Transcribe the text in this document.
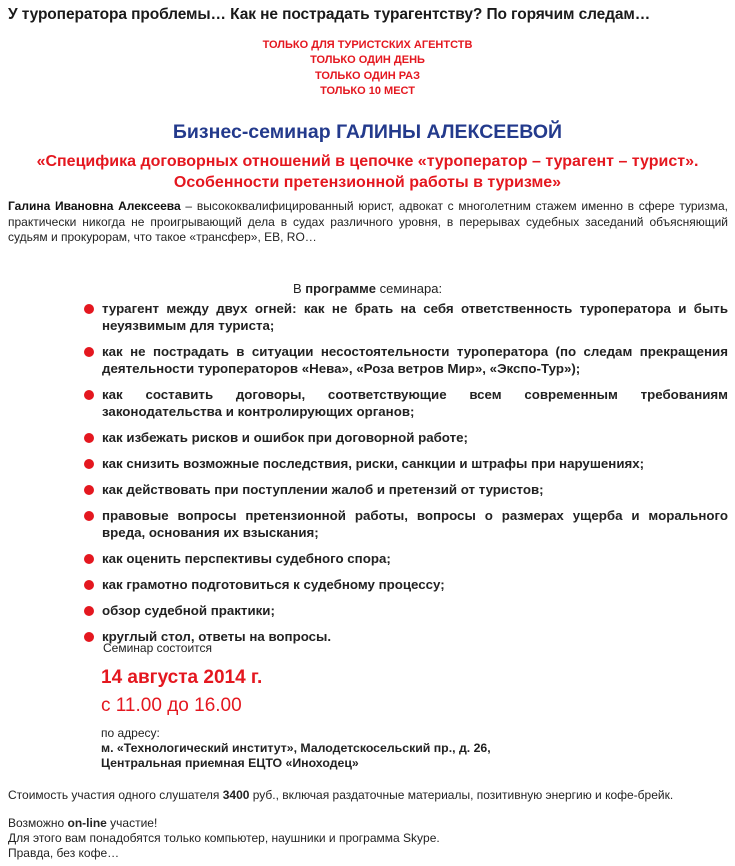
У туроператора проблемы… Как не пострадать турагентству? По горячим следам…
ТОЛЬКО ДЛЯ ТУРИСТСКИХ АГЕНТСТВ
ТОЛЬКО ОДИН ДЕНЬ
ТОЛЬКО ОДИН РАЗ
ТОЛЬКО 10 МЕСТ
Бизнес-семинар ГАЛИНЫ АЛЕКСЕЕВОЙ
«Специфика договорных отношений в цепочке «туроператор – турагент – турист».
Особенности претензионной работы в туризме»
Галина Ивановна Алексеева – высококвалифицированный юрист, адвокат с многолетним стажем именно в сфере туризма, практически никогда не проигрывающий дела в судах различного уровня, в перерывах судебных заседаний объясняющий судьям и прокурорам, что такое «трансфер», EB, RO…
В программе семинара:
турагент между двух огней: как не брать на себя ответственность туроператора и быть неуязвимым для туриста;
как не пострадать в ситуации несостоятельности туроператора (по следам прекращения деятельности туроператоров «Нева», «Роза ветров Мир», «Экспо-Тур»);
как составить договоры, соответствующие всем современным требованиям законодательства и контролирующих органов;
как избежать рисков и ошибок при договорной работе;
как снизить возможные последствия, риски, санкции и штрафы при нарушениях;
как действовать при поступлении жалоб и претензий от туристов;
правовые вопросы претензионной работы, вопросы о размерах ущерба и морального вреда, основания их взыскания;
как оценить перспективы судебного спора;
как грамотно подготовиться к судебному процессу;
обзор судебной практики;
круглый стол, ответы на вопросы.
Семинар состоится
14 августа 2014 г.
с 11.00 до 16.00
по адресу:
м. «Технологический институт», Малодетскосельский пр., д. 26,
Центральная приемная ЕЦТО «Иноходец»
Стоимость участия одного слушателя 3400 руб., включая раздаточные материалы, позитивную энергию и кофе-брейк.
Возможно on-line участие!
Для этого вам понадобятся только компьютер, наушники и программа Skype.
Правда, без кофе…
